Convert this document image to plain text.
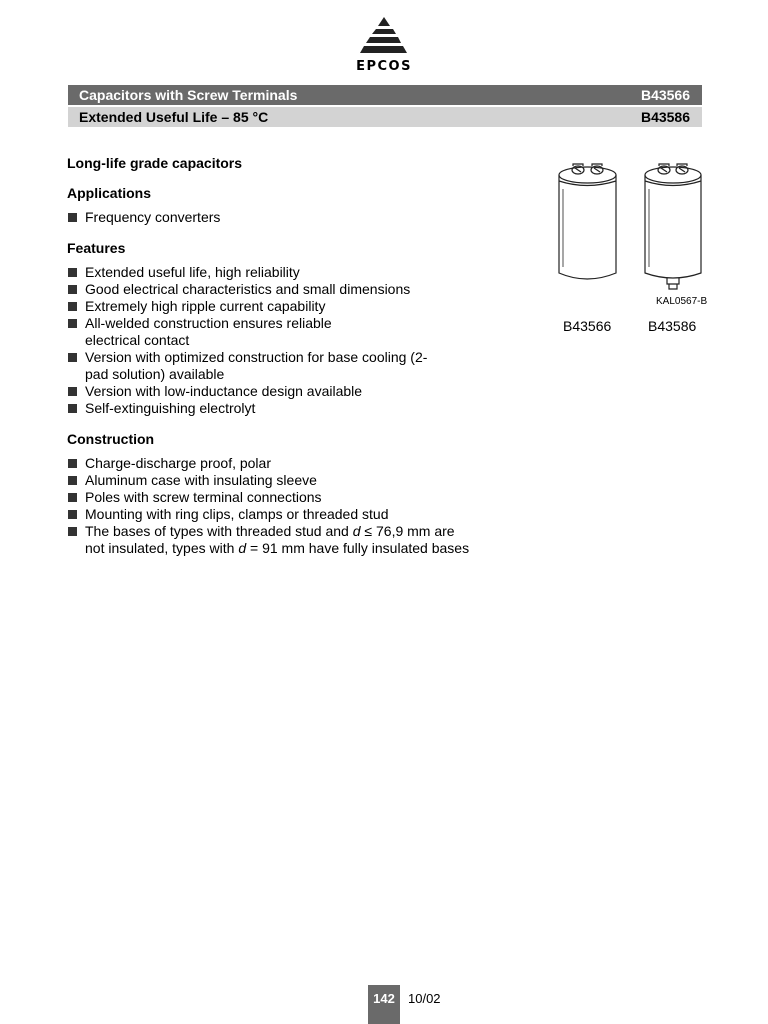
EPCOS
Capacitors with Screw Terminals	B43566
Extended Useful Life – 85 °C	B43586
Long-life grade capacitors
Applications
Frequency converters
Features
Extended useful life, high reliability
Good electrical characteristics and small dimensions
Extremely high ripple current capability
All-welded construction ensures reliable electrical contact
Version with optimized construction for base cooling (2-pad solution) available
Version with low-inductance design available
Self-extinguishing electrolyt
Construction
Charge-discharge proof, polar
Aluminum case with insulating sleeve
Poles with screw terminal connections
Mounting with ring clips, clamps or threaded stud
The bases of types with threaded stud and d ≤ 76,9 mm are
not insulated, types with d = 91 mm have fully insulated bases
KAL0567-B
B43566	B43586
142	10/02
